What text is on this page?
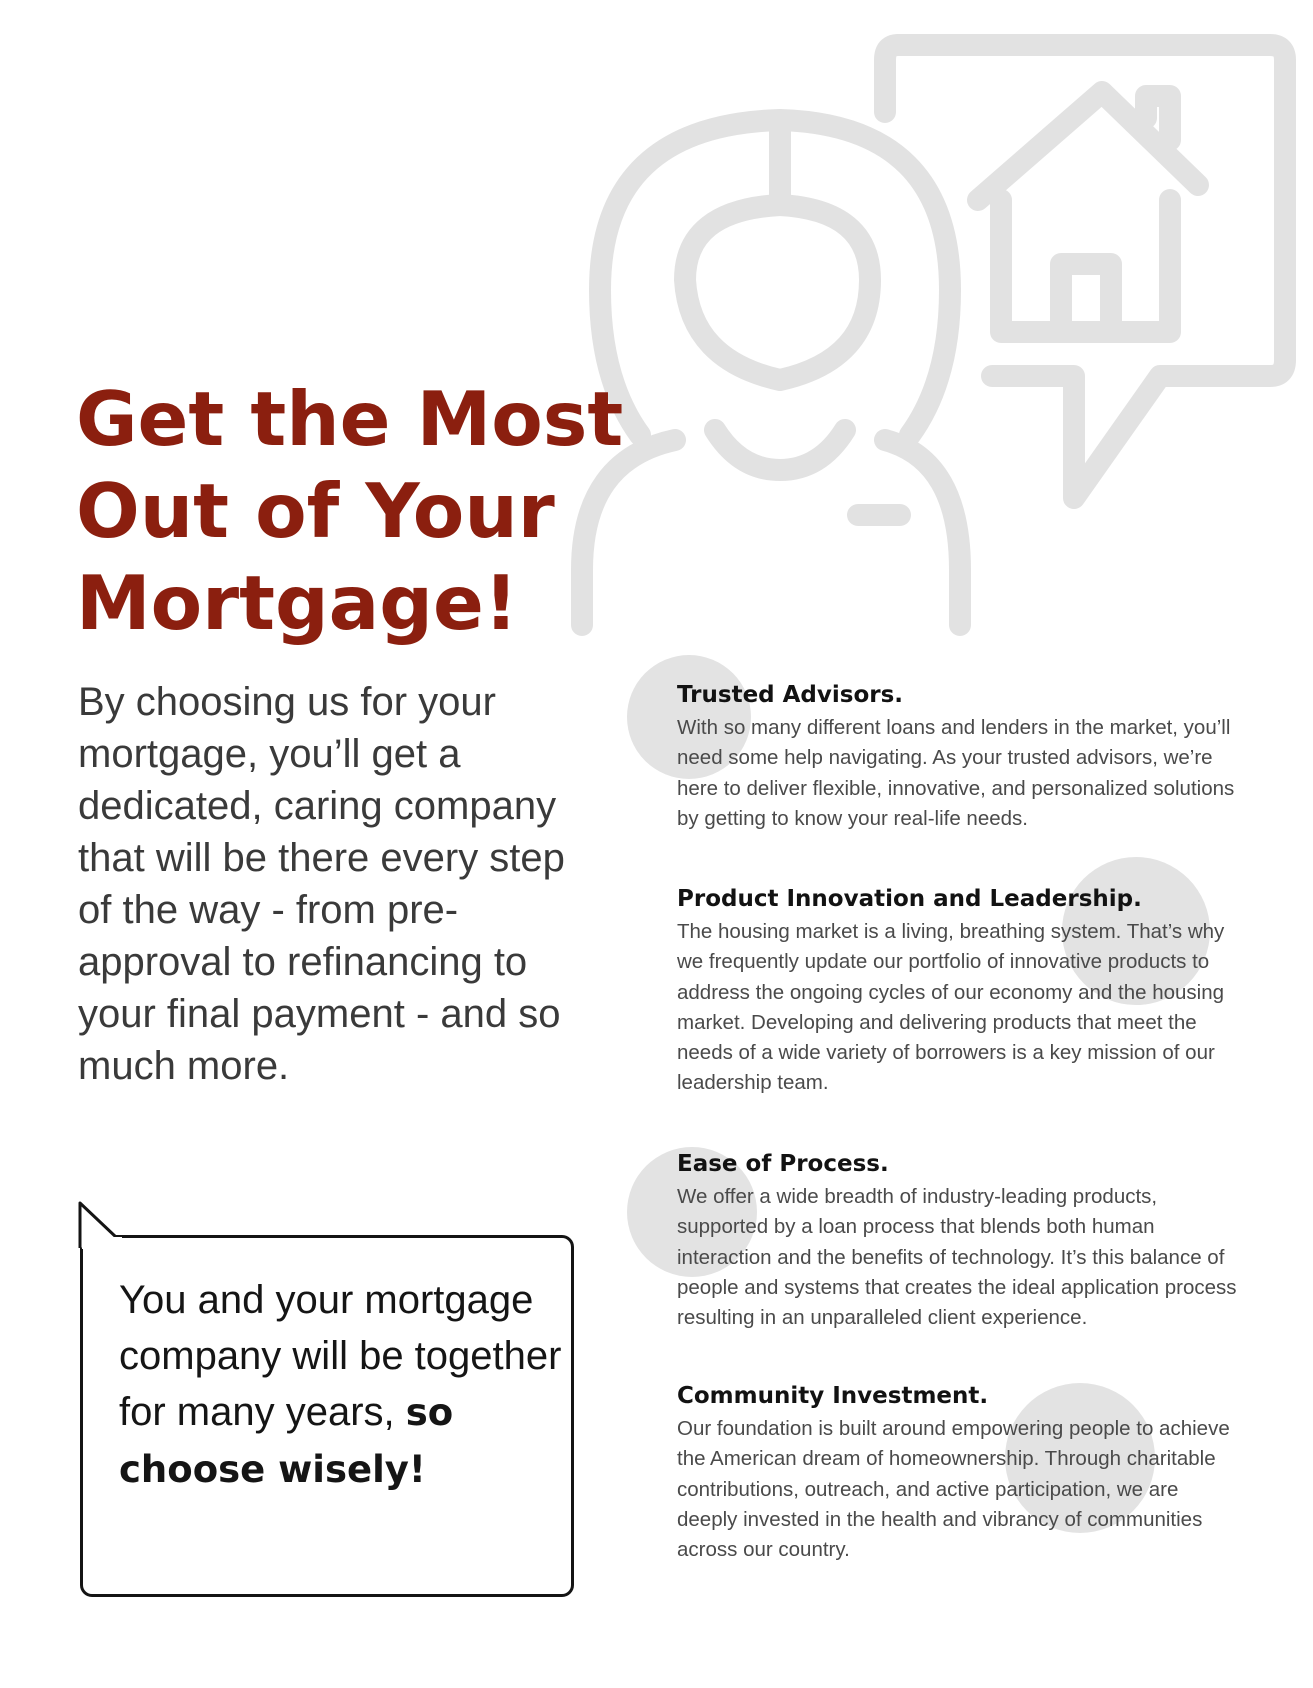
Get the Most
Out of Your
Mortgage!

By choosing us for your mortgage, you’ll get a dedicated, caring company that will be there every step of the way - from pre-approval to refinancing to your final payment - and so much more.

You and your mortgage company will be together for many years, so choose wisely!

Trusted Advisors.

With so many different loans and lenders in the market, you’ll need some help navigating. As your trusted advisors, we’re here to deliver flexible, innovative, and personalized solutions by getting to know your real-life needs.

Product Innovation and Leadership.

The housing market is a living, breathing system. That’s why we frequently update our portfolio of innovative products to address the ongoing cycles of our economy and the housing market. Developing and delivering products that meet the needs of a wide variety of borrowers is a key mission of our leadership team.

Ease of Process.

We offer a wide breadth of industry-leading products, supported by a loan process that blends both human interaction and the benefits of technology. It’s this balance of people and systems that creates the ideal application process resulting in an unparalleled client experience.

Community Investment.

Our foundation is built around empowering people to achieve the American dream of homeownership. Through charitable contributions, outreach, and active participation, we are deeply invested in the health and vibrancy of communities across our country.
